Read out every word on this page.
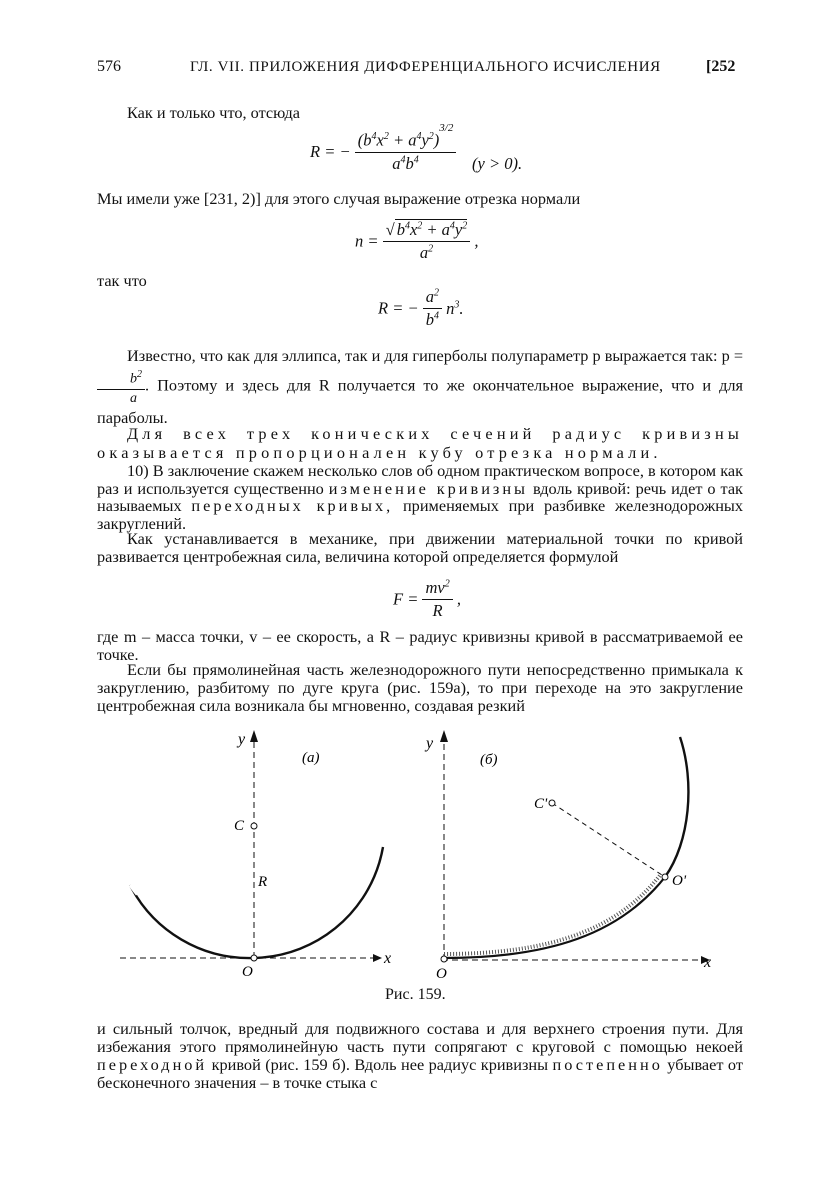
576	ГЛ. VII. ПРИЛОЖЕНИЯ ДИФФЕРЕНЦИАЛЬНОГО ИСЧИСЛЕНИЯ	[252
Как и только что, отсюда
R = − $\frac{(b^4x^2 + a^4y^2)^{3/2}}{a^4b^4} (y > 0)$.
Мы имели уже [231, 2)] для этого случая выражение отрезка нормали
$n = \frac{√ b^4x^2 + a^4y^2}{a^2}$ ,
так что
R = − $\frac{a^2}{b^4} n^3$.
Известно, что как для эллипса, так и для гиперболы полупараметр p выражается так: p =
$\frac{b^2}{a}$ . Поэтому и здесь для R получается то же окончательное выражение, что и для параболы.
Для всех трех конических сечений радиус кривизны оказывается пропорционален кубу отрезка нормали.
10) В заключение скажем несколько слов об одном практическом вопросе, в котором как раз и используется существенно изменение кривизны вдоль кривой: речь идет о так называемых переходных кривых, применяемых при разбивке железнодорожных закруглений.
Как устанавливается в механике, при движении материальной точки по кривой развивается центробежная сила, величина которой определяется формулой
$F = \frac{mv^2}{R}$ ,
где m – масса точки, v – ее скорость, а R – радиус кривизны кривой в рассматриваемой ее точке.
Если бы прямолинейная часть железнодорожного пути непосредственно примыкала к закруглению, разбитому по дуге круга (рис. 159а), то при переходе на это закругление центробежная сила возникала бы мгновенно, создавая резкий
y
(а)
C
R
O
x
y
(б)
C'
O'
O
x
Рис. 159.
и сильный толчок, вредный для подвижного состава и для верхнего строения пути. Для избежания этого прямолинейную часть пути сопрягают с круговой с помощью некоей переходной кривой (рис. 159 б). Вдоль нее радиус кривизны постепенно убывает от бесконечного значения – в точке стыка с
